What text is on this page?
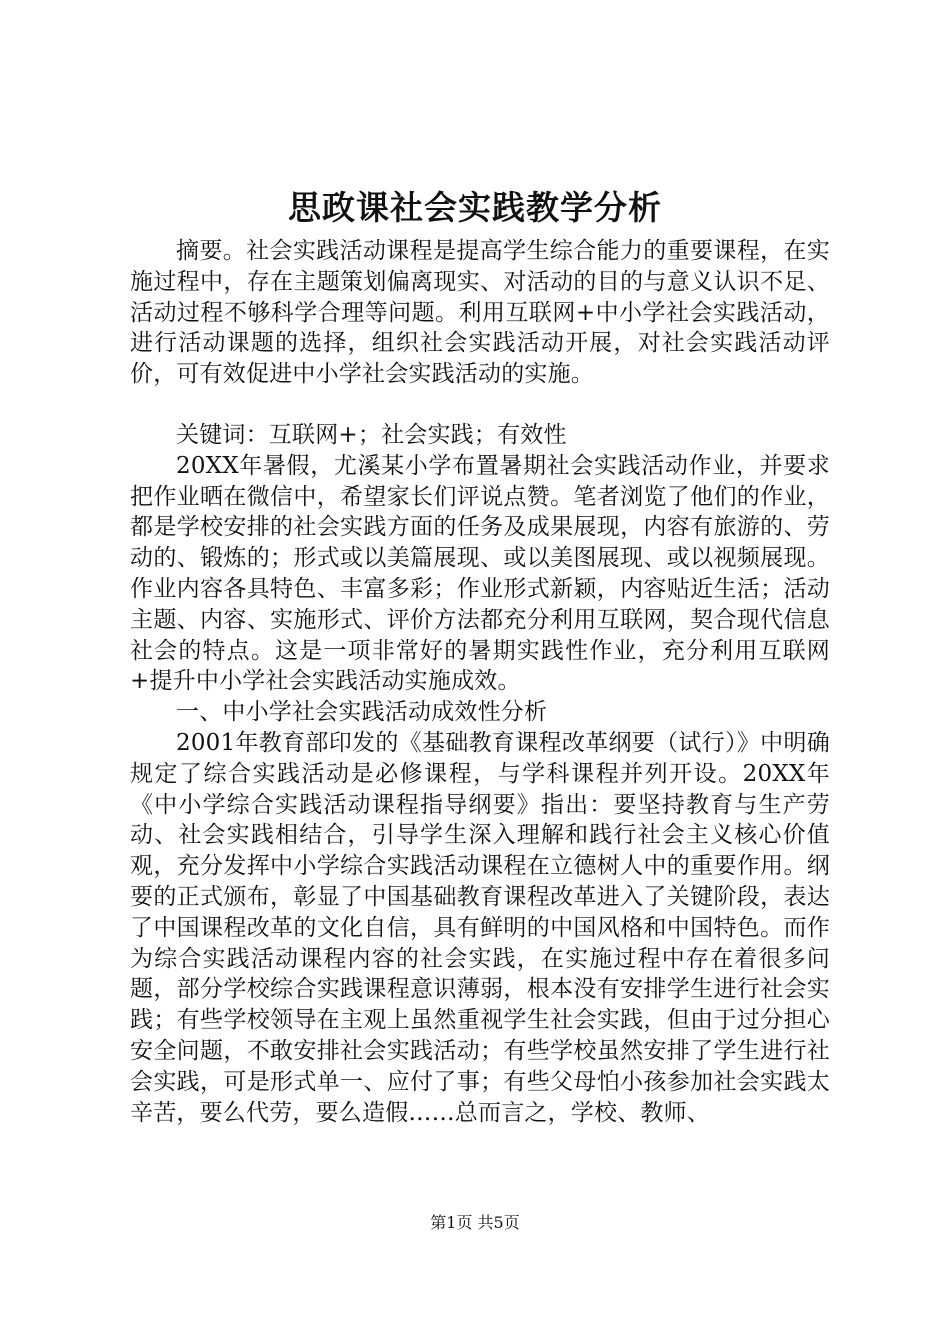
思政课社会实践教学分析

摘要。社会实践活动课程是提高学生综合能力的重要课程，在实施过程中，存在主题策划偏离现实、对活动的目的与意义认识不足、活动过程不够科学合理等问题。利用互联网+中小学社会实践活动，进行活动课题的选择，组织社会实践活动开展，对社会实践活动评价，可有效促进中小学社会实践活动的实施。

关键词：互联网+；社会实践；有效性

20XX年暑假，尤溪某小学布置暑期社会实践活动作业，并要求把作业晒在微信中，希望家长们评说点赞。笔者浏览了他们的作业，都是学校安排的社会实践方面的任务及成果展现，内容有旅游的、劳动的、锻炼的；形式或以美篇展现、或以美图展现、或以视频展现。作业内容各具特色、丰富多彩；作业形式新颖，内容贴近生活；活动主题、内容、实施形式、评价方法都充分利用互联网，契合现代信息社会的特点。这是一项非常好的暑期实践性作业，充分利用互联网+提升中小学社会实践活动实施成效。

一、中小学社会实践活动成效性分析

2001年教育部印发的《基础教育课程改革纲要（试行）》中明确规定了综合实践活动是必修课程，与学科课程并列开设。20XX年《中小学综合实践活动课程指导纲要》指出：要坚持教育与生产劳动、社会实践相结合，引导学生深入理解和践行社会主义核心价值观，充分发挥中小学综合实践活动课程在立德树人中的重要作用。纲要的正式颁布，彰显了中国基础教育课程改革进入了关键阶段，表达了中国课程改革的文化自信，具有鲜明的中国风格和中国特色。而作为综合实践活动课程内容的社会实践，在实施过程中存在着很多问题，部分学校综合实践课程意识薄弱，根本没有安排学生进行社会实践；有些学校领导在主观上虽然重视学生社会实践，但由于过分担心安全问题，不敢安排社会实践活动；有些学校虽然安排了学生进行社会实践，可是形式单一、应付了事；有些父母怕小孩参加社会实践太辛苦，要么代劳，要么造假……总而言之，学校、教师、

第1页 共5页
